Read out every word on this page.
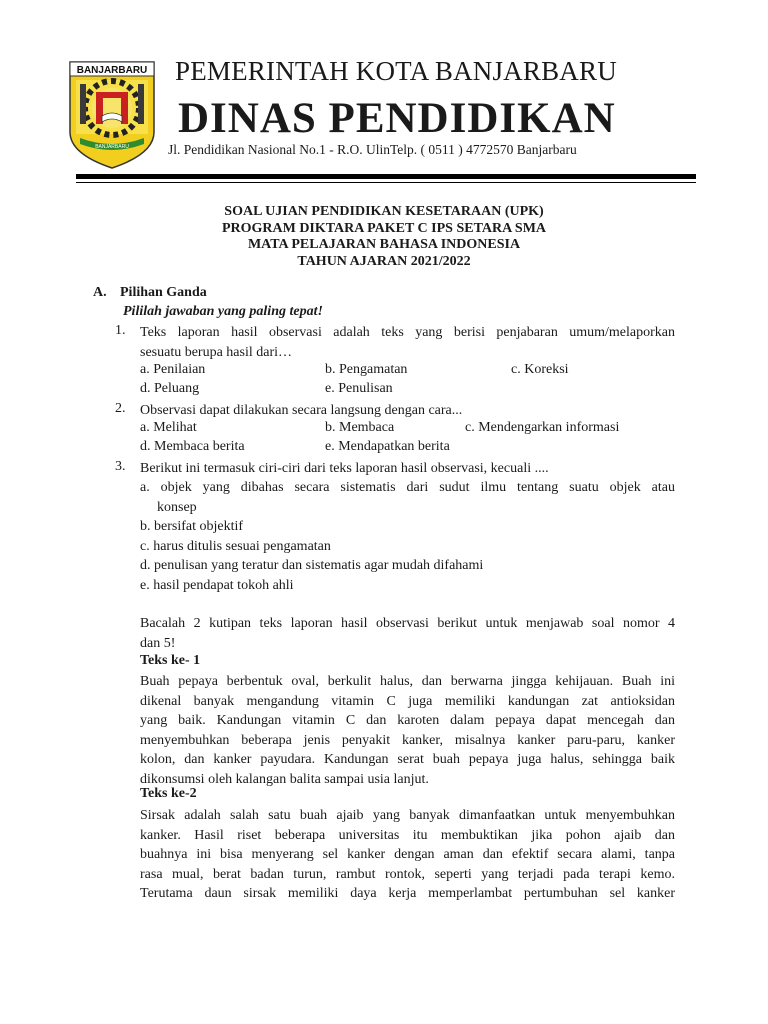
BANJARBARU
BANJARBARU
PEMERINTAH KOTA BANJARBARU
DINAS PENDIDIKAN
Jl. Pendidikan Nasional No.1 - R.O. UlinTelp. ( 0511 ) 4772570 Banjarbaru
SOAL UJIAN PENDIDIKAN KESETARAAN (UPK)
PROGRAM DIKTARA PAKET C IPS SETARA SMA
MATA PELAJARAN BAHASA INDONESIA
TAHUN AJARAN 2021/2022
A. Pilihan Ganda
Pililah jawaban yang paling tepat!
1. Teks laporan hasil observasi adalah teks yang berisi penjabaran umum/melaporkan
sesuatu berupa hasil dari…
a. Penilaian	b. Pengamatan	c. Koreksi
d. Peluang	e. Penulisan
2. Observasi dapat dilakukan secara langsung dengan cara...
a. Melihat	b. Membaca	c. Mendengarkan informasi
d. Membaca berita	e. Mendapatkan berita
3. Berikut ini termasuk ciri-ciri dari teks laporan hasil observasi, kecuali ....
a. objek yang dibahas secara sistematis dari sudut ilmu tentang suatu objek atau
konsep
b. bersifat objektif
c. harus ditulis sesuai pengamatan
d. penulisan yang teratur dan sistematis agar mudah difahami
e. hasil pendapat tokoh ahli
Bacalah 2 kutipan teks laporan hasil observasi berikut untuk menjawab soal nomor 4
dan 5!
Teks ke- 1
Buah pepaya berbentuk oval, berkulit halus, dan berwarna jingga kehijauan. Buah ini
dikenal banyak mengandung vitamin C juga memiliki kandungan zat antioksidan
yang baik. Kandungan vitamin C dan karoten dalam pepaya dapat mencegah dan
menyembuhkan beberapa jenis penyakit kanker, misalnya kanker paru-paru, kanker
kolon, dan kanker payudara. Kandungan serat buah pepaya juga halus, sehingga baik
dikonsumsi oleh kalangan balita sampai usia lanjut.
Teks ke-2
Sirsak adalah salah satu buah ajaib yang banyak dimanfaatkan untuk menyembuhkan
kanker. Hasil riset beberapa universitas itu membuktikan jika pohon ajaib dan
buahnya ini bisa menyerang sel kanker dengan aman dan efektif secara alami, tanpa
rasa mual, berat badan turun, rambut rontok, seperti yang terjadi pada terapi kemo.
Terutama daun sirsak memiliki daya kerja memperlambat pertumbuhan sel kanker
